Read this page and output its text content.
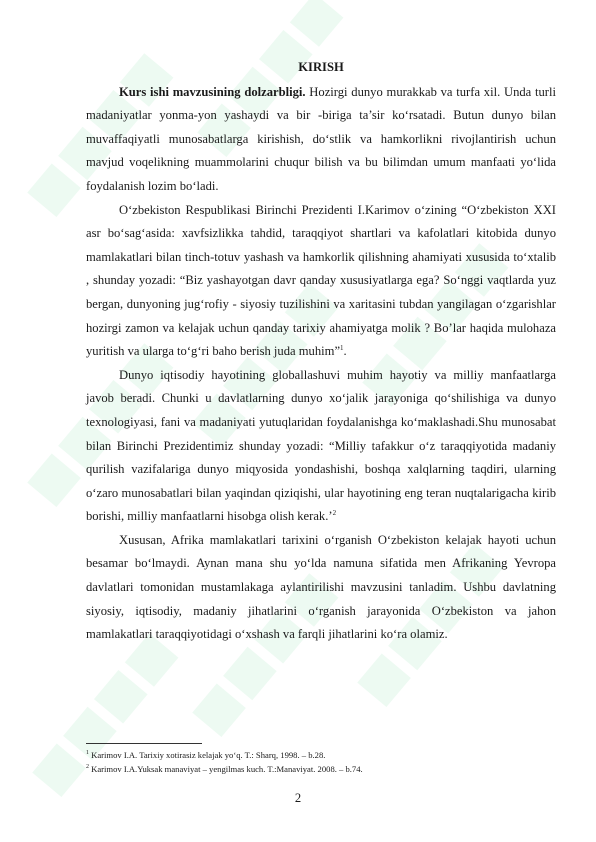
KIRISH

Kurs ishi mavzusining dolzarbligi. Hozirgi dunyo murakkab va turfa xil. Unda turli madaniyatlar yonma-yon yashaydi va bir -biriga ta’sir ko‘rsatadi. Butun dunyo bilan muvaffaqiyatli munosabatlarga kirishish, do‘stlik va hamkorlikni rivojlantirish uchun mavjud voqelikning muammolarini chuqur bilish va bu bilimdan umum manfaati yo‘lida foydalanish lozim bo‘ladi.

O‘zbekiston Respublikasi Birinchi Prezidenti I.Karimov o‘zining “O‘zbekiston XXI asr bo‘sag‘asida: xavfsizlikka tahdid, taraqqiyot shartlari va kafolatlari kitobida dunyo mamlakatlari bilan tinch-totuv yashash va hamkorlik qilishning ahamiyati xususida to‘xtalib , shunday yozadi: “Biz yashayotgan davr qanday xususiyatlarga ega? So‘nggi vaqtlarda yuz bergan, dunyoning jug‘rofiy - siyosiy tuzilishini va xaritasini tubdan yangilagan o‘zgarishlar hozirgi zamon va kelajak uchun qanday tarixiy ahamiyatga molik ? Bo’lar haqida mulohaza yuritish va ularga to‘g‘ri baho berish juda muhim”$^1$.

Dunyo iqtisodiy hayotining globallashuvi muhim hayotiy va milliy manfaatlarga javob beradi. Chunki u davlatlarning dunyo xo‘jalik jarayoniga qo‘shilishiga va dunyo texnologiyasi, fani va madaniyati yutuqlaridan foydalanishga ko‘maklashadi.Shu munosabat bilan Birinchi Prezidentimiz shunday yozadi: “Milliy tafakkur o‘z taraqqiyotida madaniy qurilish vazifalariga dunyo miqyosida yondashishi, boshqa xalqlarning taqdiri, ularning o‘zaro munosabatlari bilan yaqindan qiziqishi, ular hayotining eng teran nuqtalarigacha kirib borishi, milliy manfaatlarni hisobga olish kerak.’$^2$

Xususan, Afrika mamlakatlari tarixini o‘rganish O‘zbekiston kelajak hayoti uchun besamar bo‘lmaydi. Aynan mana shu yo‘lda namuna sifatida men Afrikaning Yevropa davlatlari tomonidan mustamlakaga aylantirilishi mavzusini tanladim. Ushbu davlatning siyosiy, iqtisodiy, madaniy jihatlarini o‘rganish jarayonida O‘zbekiston va jahon mamlakatlari taraqqiyotidagi o‘xshash va farqli jihatlarini ko‘ra olamiz.

$^1$ Karimov I.A. Tarixiy xotirasiz kelajak yo‘q. T.: Sharq, 1998. – b.28.
$^2$ Karimov I.A.Yuksak manaviyat – yengilmas kuch. T.:Manaviyat. 2008. – b.74.
2
